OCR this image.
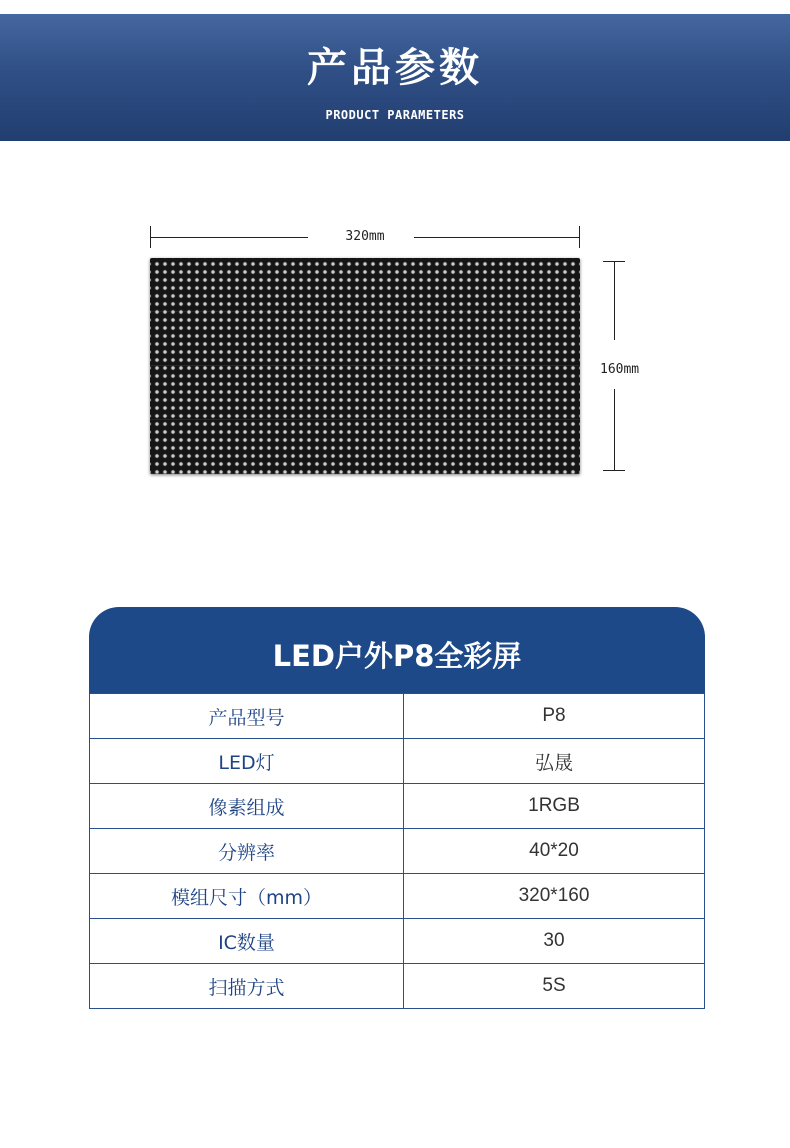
产品参数
PRODUCT PARAMETERS
320mm
160mm
LED户外P8全彩屏
产品型号	P8
LED灯	弘晟
像素组成	1RGB
分辨率	40*20
模组尺寸（mm）	320*160
IC数量	30
扫描方式	5S
